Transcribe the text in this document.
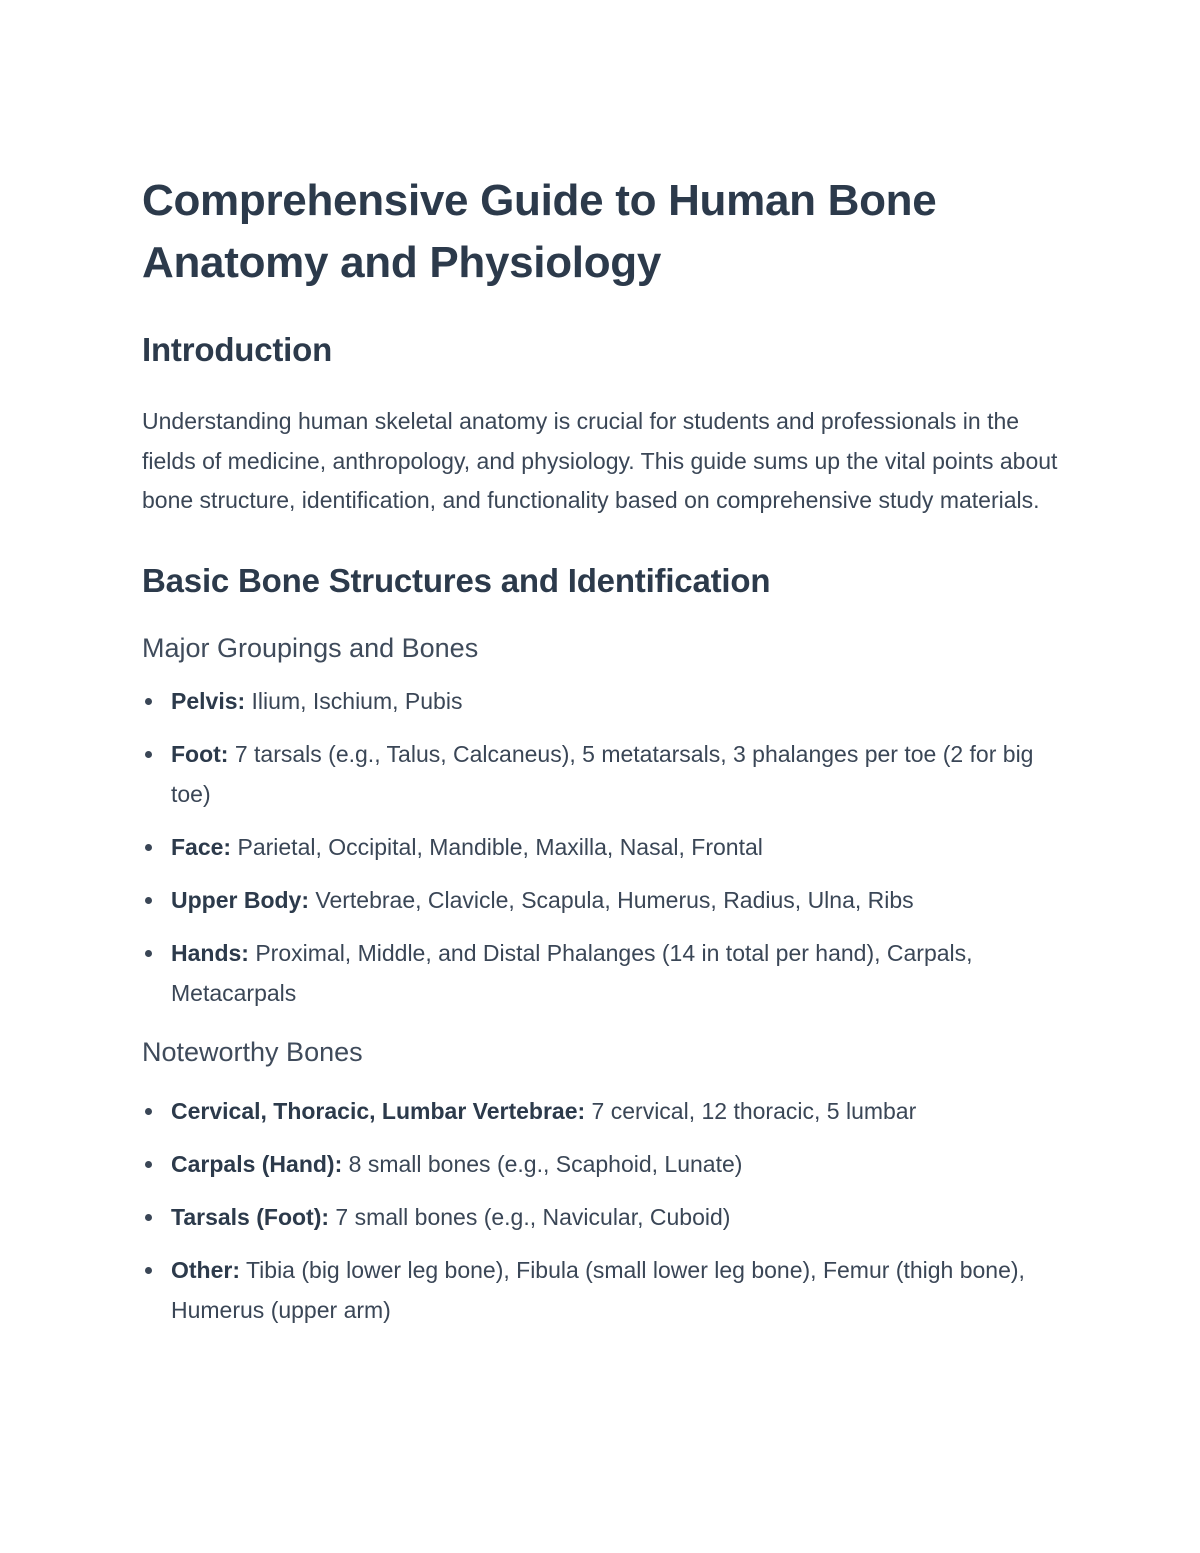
Comprehensive Guide to Human Bone Anatomy and Physiology
Introduction

Understanding human skeletal anatomy is crucial for students and professionals in the fields of medicine, anthropology, and physiology. This guide sums up the vital points about bone structure, identification, and functionality based on comprehensive study materials.

Basic Bone Structures and Identification
Major Groupings and Bones
Pelvis: Ilium, Ischium, Pubis
Foot: 7 tarsals (e.g., Talus, Calcaneus), 5 metatarsals, 3 phalanges per toe (2 for big toe)
Face: Parietal, Occipital, Mandible, Maxilla, Nasal, Frontal
Upper Body: Vertebrae, Clavicle, Scapula, Humerus, Radius, Ulna, Ribs
Hands: Proximal, Middle, and Distal Phalanges (14 in total per hand), Carpals, Metacarpals
Noteworthy Bones
Cervical, Thoracic, Lumbar Vertebrae: 7 cervical, 12 thoracic, 5 lumbar
Carpals (Hand): 8 small bones (e.g., Scaphoid, Lunate)
Tarsals (Foot): 7 small bones (e.g., Navicular, Cuboid)
Other: Tibia (big lower leg bone), Fibula (small lower leg bone), Femur (thigh bone), Humerus (upper arm)
